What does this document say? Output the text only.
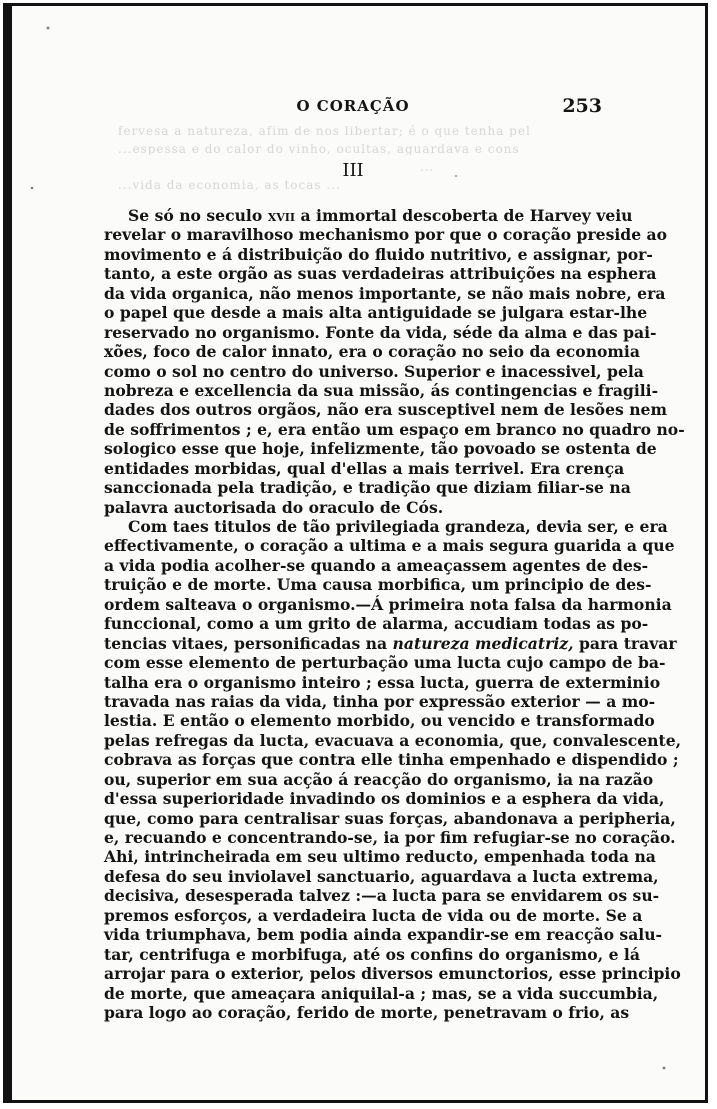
fervesa a natureza, afim de nos libertar; é o que tenha pel
...espessa e do calor do vinho, ocultas, aguardava e cons
...
...vida da economia, as tocas ...
O CORAÇÃO	253
III
Se só no seculo xvii a immortal descoberta de Harvey veiu
revelar o maravilhoso mechanismo por que o coração preside ao
movimento e á distribuição do fluido nutritivo, e assignar, por-
tanto, a este orgão as suas verdadeiras attribuições na esphera
da vida organica, não menos importante, se não mais nobre, era
o papel que desde a mais alta antiguidade se julgara estar-lhe
reservado no organismo. Fonte da vida, séde da alma e das pai-
xões, foco de calor innato, era o coração no seio da economia
como o sol no centro do universo. Superior e inacessivel, pela
nobreza e excellencia da sua missão, ás contingencias e fragili-
dades dos outros orgãos, não era susceptivel nem de lesões nem
de soffrimentos ; e, era então um espaço em branco no quadro no-
sologico esse que hoje, infelizmente, tão povoado se ostenta de
entidades morbidas, qual d'ellas a mais terrivel. Era crença
sanccionada pela tradição, e tradição que diziam filiar-se na
palavra auctorisada do oraculo de Cós.
Com taes titulos de tão privilegiada grandeza, devia ser, e era
effectivamente, o coração a ultima e a mais segura guarida a que
a vida podia acolher-se quando a ameaçassem agentes de des-
truição e de morte. Uma causa morbifica, um principio de des-
ordem salteava o organismo.—Á primeira nota falsa da harmonia
funccional, como a um grito de alarma, accudiam todas as po-
tencias vitaes, personificadas na natureza medicatriz, para travar
com esse elemento de perturbação uma lucta cujo campo de ba-
talha era o organismo inteiro ; essa lucta, guerra de exterminio
travada nas raias da vida, tinha por expressão exterior — a mo-
lestia. E então o elemento morbido, ou vencido e transformado
pelas refregas da lucta, evacuava a economia, que, convalescente,
cobrava as forças que contra elle tinha empenhado e dispendido ;
ou, superior em sua acção á reacção do organismo, ia na razão
d'essa superioridade invadindo os dominios e a esphera da vida,
que, como para centralisar suas forças, abandonava a peripheria,
e, recuando e concentrando-se, ia por fim refugiar-se no coração.
Ahi, intrincheirada em seu ultimo reducto, empenhada toda na
defesa do seu inviolavel sanctuario, aguardava a lucta extrema,
decisiva, desesperada talvez :—a lucta para se envidarem os su-
premos esforços, a verdadeira lucta de vida ou de morte. Se a
vida triumphava, bem podia ainda expandir-se em reacção salu-
tar, centrifuga e morbifuga, até os confins do organismo, e lá
arrojar para o exterior, pelos diversos emunctorios, esse principio
de morte, que ameaçara aniquilal-a ; mas, se a vida succumbia,
para logo ao coração, ferido de morte, penetravam o frio, as
